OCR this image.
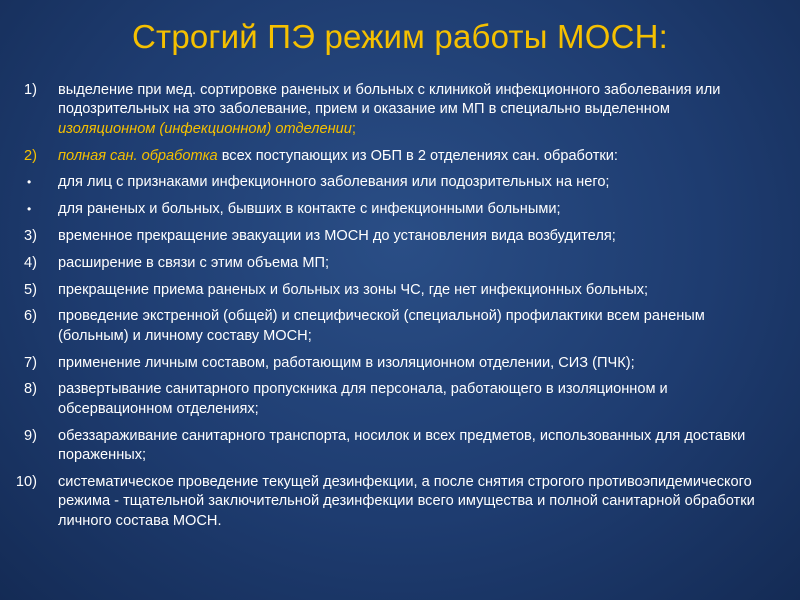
Строгий ПЭ режим работы МОСН:
1) выделение при мед. сортировке раненых и больных с клиникой инфекционного заболевания или подозрительных на это заболевание, прием и оказание им МП в специально выделенном изоляционном (инфекционном) отделении;
2) полная сан. обработка всех поступающих из ОБП в 2 отделениях сан. обработки:
• для лиц с признаками инфекционного заболевания или подозрительных на него;
• для раненых и больных, бывших в контакте с инфекционными больными;
3) временное прекращение эвакуации из МОСН до установления вида возбудителя;
4) расширение в связи с этим объема МП;
5) прекращение приема раненых и больных из зоны ЧС, где нет инфекционных больных;
6) проведение экстренной (общей) и специфической (специальной) профилактики всем раненым (больным) и личному составу МОСН;
7) применение личным составом, работающим в изоляционном отделении, СИЗ (ПЧК);
8) развертывание санитарного пропускника для персонала, работающего в изоляционном и обсервационном отделениях;
9) обеззараживание санитарного транспорта, носилок и всех предметов, использованных для доставки пораженных;
10) систематическое проведение текущей дезинфекции, а после снятия строгого противоэпидемического режима - тщательной заключительной дезинфекции всего имущества и полной санитарной обработки личного состава МОСН.
